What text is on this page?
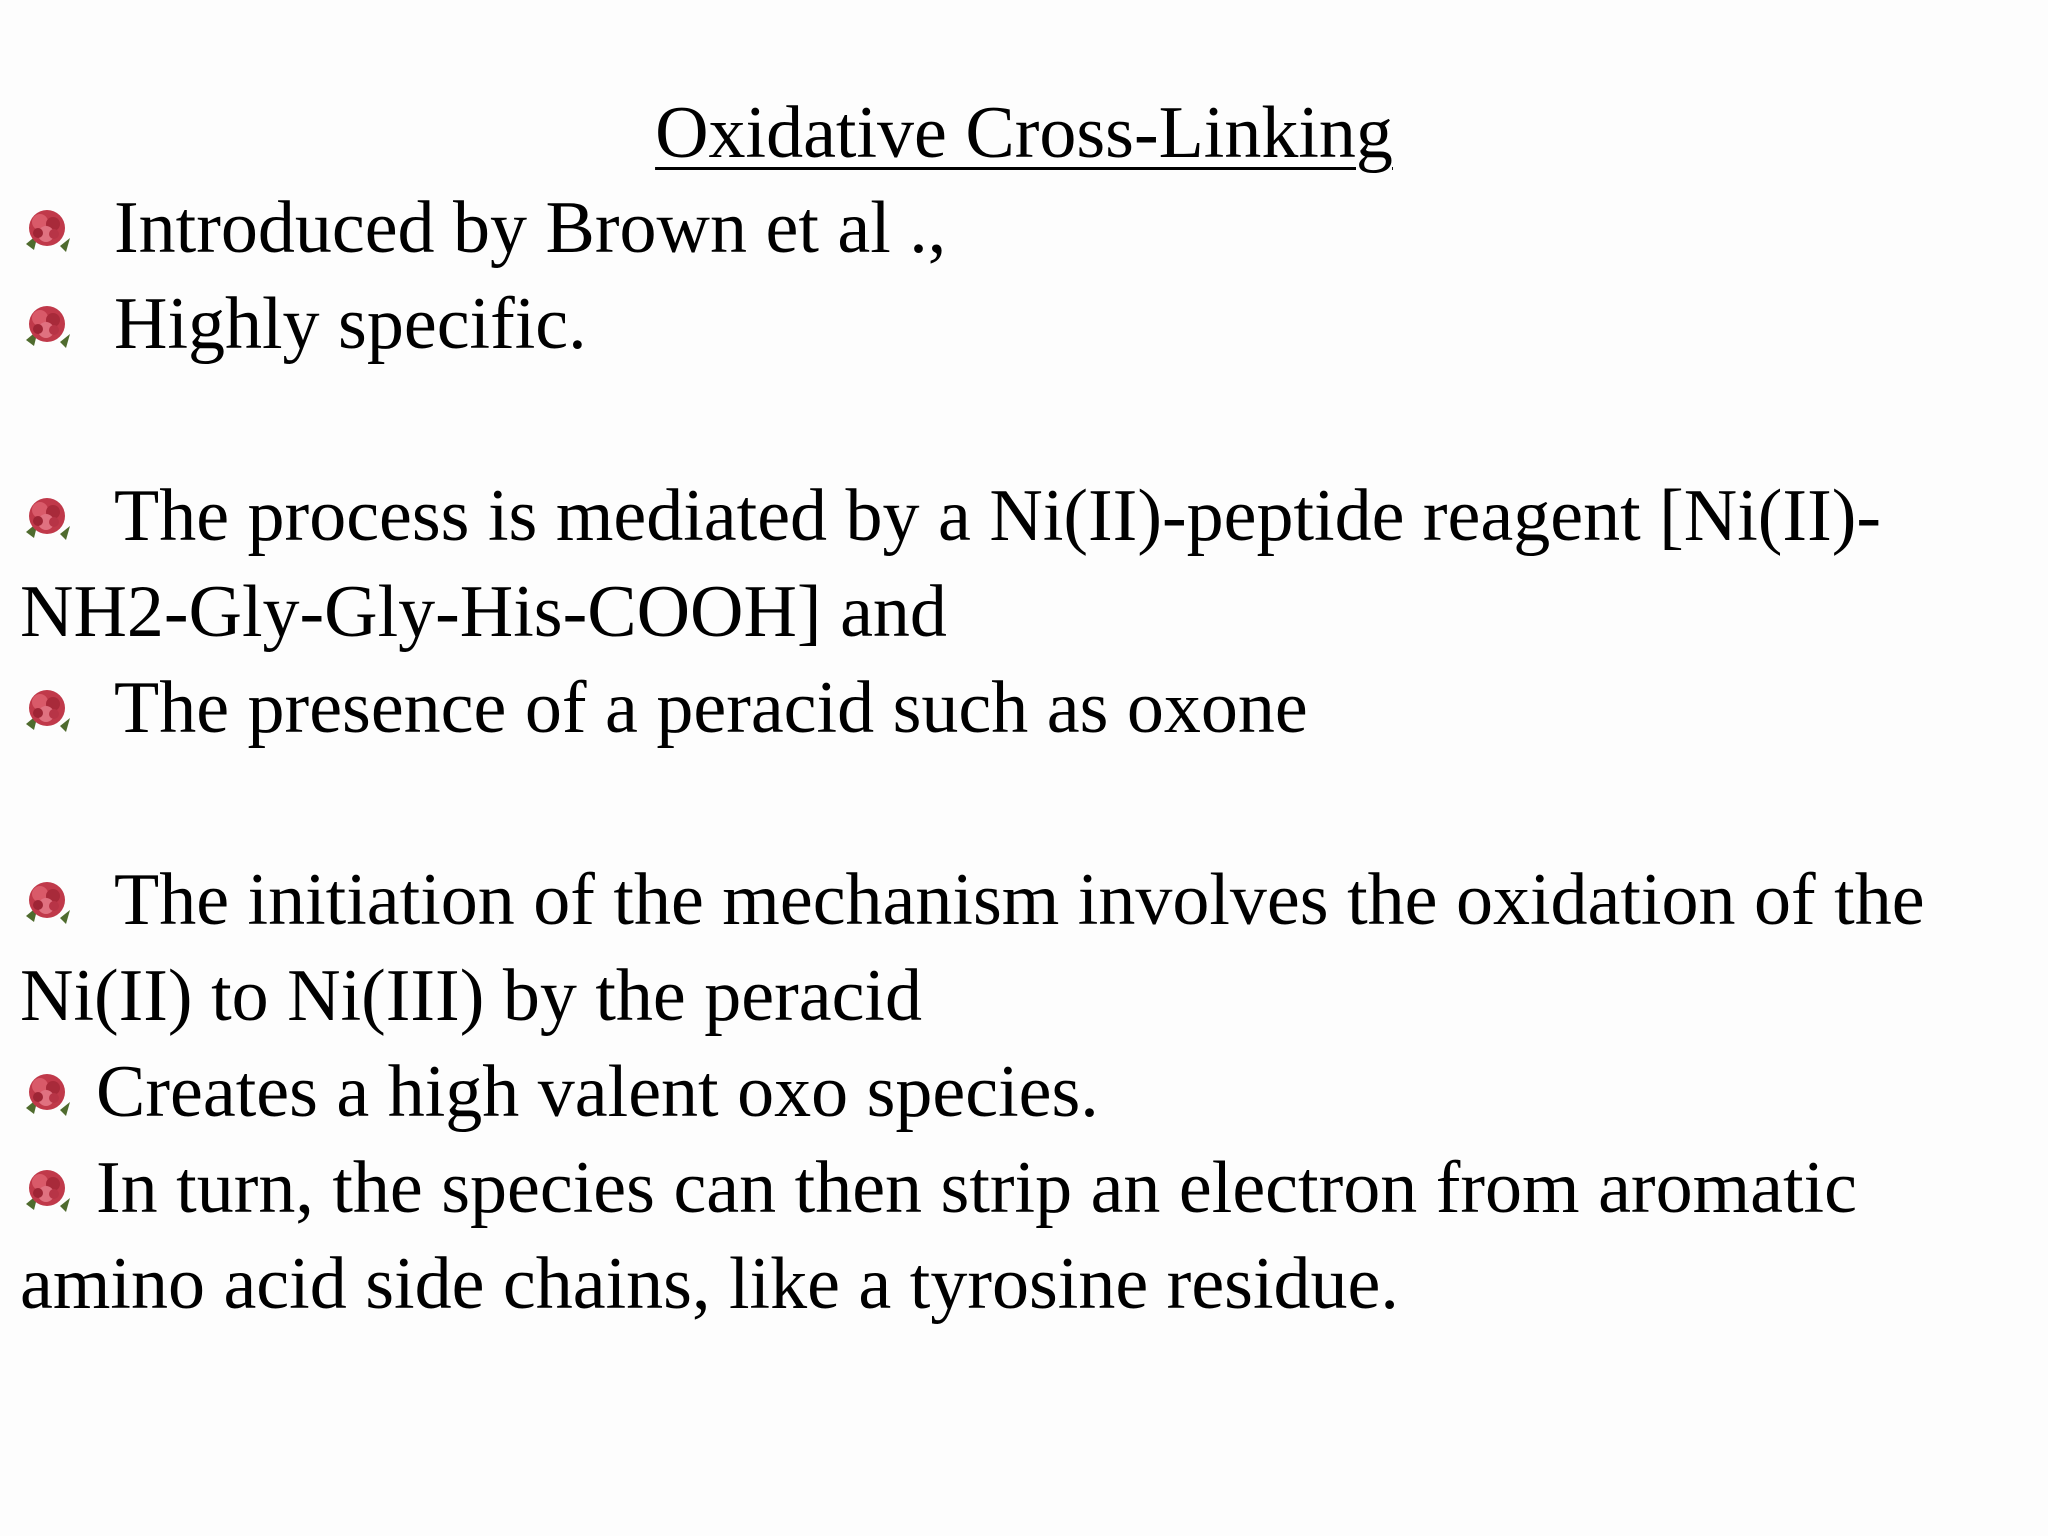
Oxidative Cross-Linking

Introduced by Brown et al .,

Highly specific.

The process is mediated by a Ni(II)-peptide reagent [Ni(II)-NH2-Gly-Gly-His-COOH] and

The presence of a peracid such as oxone

The initiation of the mechanism involves the oxidation of the Ni(II) to Ni(III) by the peracid

Creates a high valent oxo species.

In turn, the species can then strip an electron from aromatic amino acid side chains, like a tyrosine residue.
